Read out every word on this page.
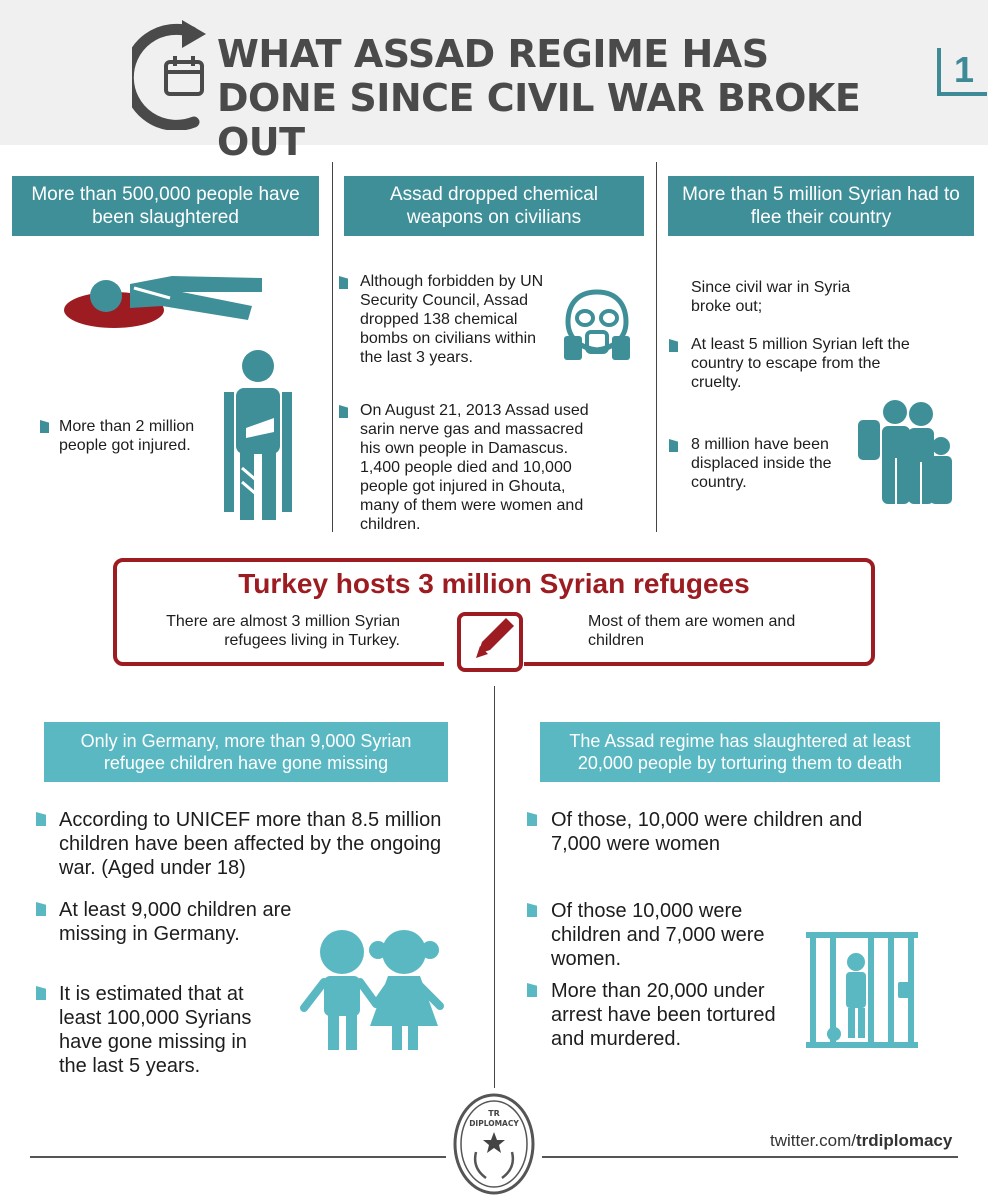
WHAT ASSAD REGIME HAS DONE SINCE CIVIL WAR BROKE OUT
1
More than 500,000 people have been slaughtered
More than 2 million people got injured.
Assad dropped chemical weapons on civilians
Although forbidden by UN Security Council, Assad dropped 138 chemical bombs on civilians within the last 3 years.
On August 21, 2013 Assad used sarin nerve gas and massacred his own people in Damascus. 1,400 people died and 10,000 people got injured in Ghouta, many of them were women and children.
More than 5 million Syrian had to flee their country
Since civil war in Syria broke out;
At least 5 million Syrian left the country to escape from the cruelty.
8 million have been displaced inside the country.
Turkey hosts 3 million Syrian refugees
There are almost 3 million Syrian refugees living in Turkey.
Most of them are women and children
Only in Germany, more than 9,000 Syrian refugee children have gone missing
According to UNICEF more than 8.5 million children have been affected by the ongoing war. (Aged under 18)
At least 9,000 children are missing in Germany.
It is estimated that at least 100,000 Syrians have gone missing in the last 5 years.
The Assad regime has slaughtered at least 20,000 people by torturing them to death
Of those, 10,000 were children and 7,000 were women
Of those 10,000 were children and 7,000 were women.
More than 20,000 under arrest have been tortured and murdered.
TR
DIPLOMACY
twitter.com/trdiplomacy
